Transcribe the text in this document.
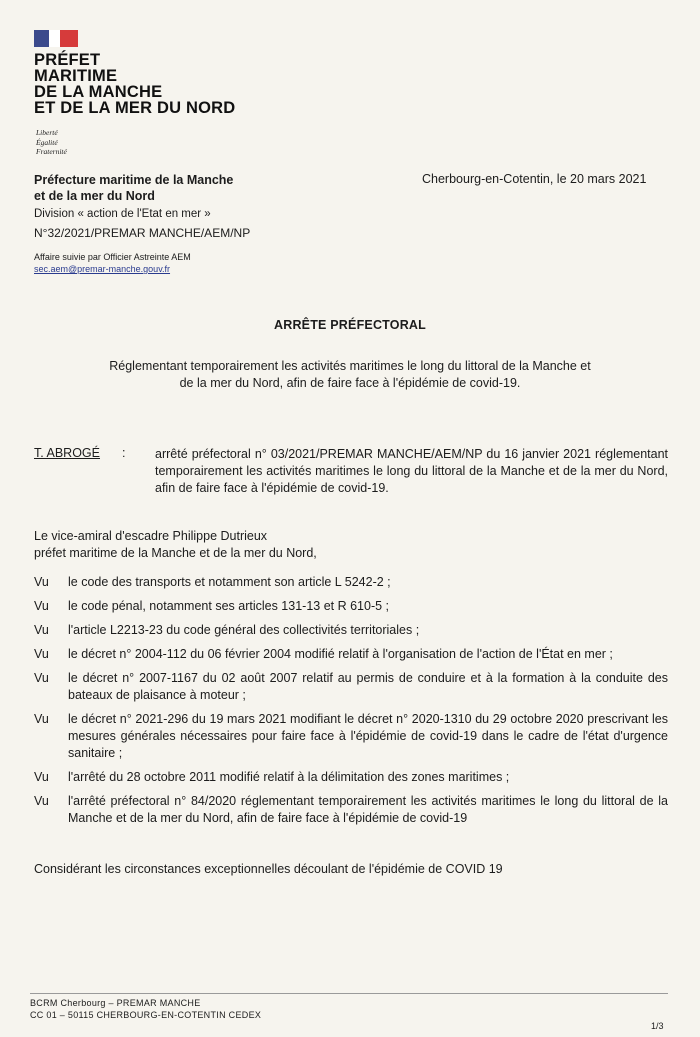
PRÉFET
MARITIME
DE LA MANCHE
ET DE LA MER DU NORD
Liberté
Égalité
Fraternité
Préfecture maritime de la Manche
et de la mer du Nord
Division « action de l'Etat en mer »
N°32/2021/PREMAR MANCHE/AEM/NP
Affaire suivie par Officier Astreinte AEM
sec.aem@premar-manche.gouv.fr
Cherbourg-en-Cotentin, le 20 mars 2021
ARRÊTE PRÉFECTORAL
Réglementant temporairement les activités maritimes le long du littoral de la Manche et
de la mer du Nord, afin de faire face à l'épidémie de covid-19.
T. ABROGÉ : arrêté préfectoral n° 03/2021/PREMAR MANCHE/AEM/NP du 16 janvier 2021 réglementant temporairement les activités maritimes le long du littoral de la Manche et de la mer du Nord, afin de faire face à l'épidémie de covid-19.
Le vice-amiral d'escadre Philippe Dutrieux
préfet maritime de la Manche et de la mer du Nord,
Vu	le code des transports et notamment son article L 5242-2 ;
Vu	le code pénal, notamment ses articles 131-13 et R 610-5 ;
Vu	l'article L2213-23 du code général des collectivités territoriales ;
Vu	le décret n° 2004-112 du 06 février 2004 modifié relatif à l'organisation de l'action de l'État en mer ;
Vu	le décret n° 2007-1167 du 02 août 2007 relatif au permis de conduire et à la formation à la conduite des bateaux de plaisance à moteur ;
Vu	le décret n° 2021-296 du 19 mars 2021 modifiant le décret n° 2020-1310 du 29 octobre 2020 prescrivant les mesures générales nécessaires pour faire face à l'épidémie de covid-19 dans le cadre de l'état d'urgence sanitaire ;
Vu	l'arrêté du 28 octobre 2011 modifié relatif à la délimitation des zones maritimes ;
Vu	l'arrêté préfectoral n° 84/2020 réglementant temporairement les activités maritimes le long du littoral de la Manche et de la mer du Nord, afin de faire face à l'épidémie de covid-19
Considérant les circonstances exceptionnelles découlant de l'épidémie de COVID 19
BCRM Cherbourg – PREMAR MANCHE
CC 01 – 50115 CHERBOURG-EN-COTENTIN CEDEX
1/3
